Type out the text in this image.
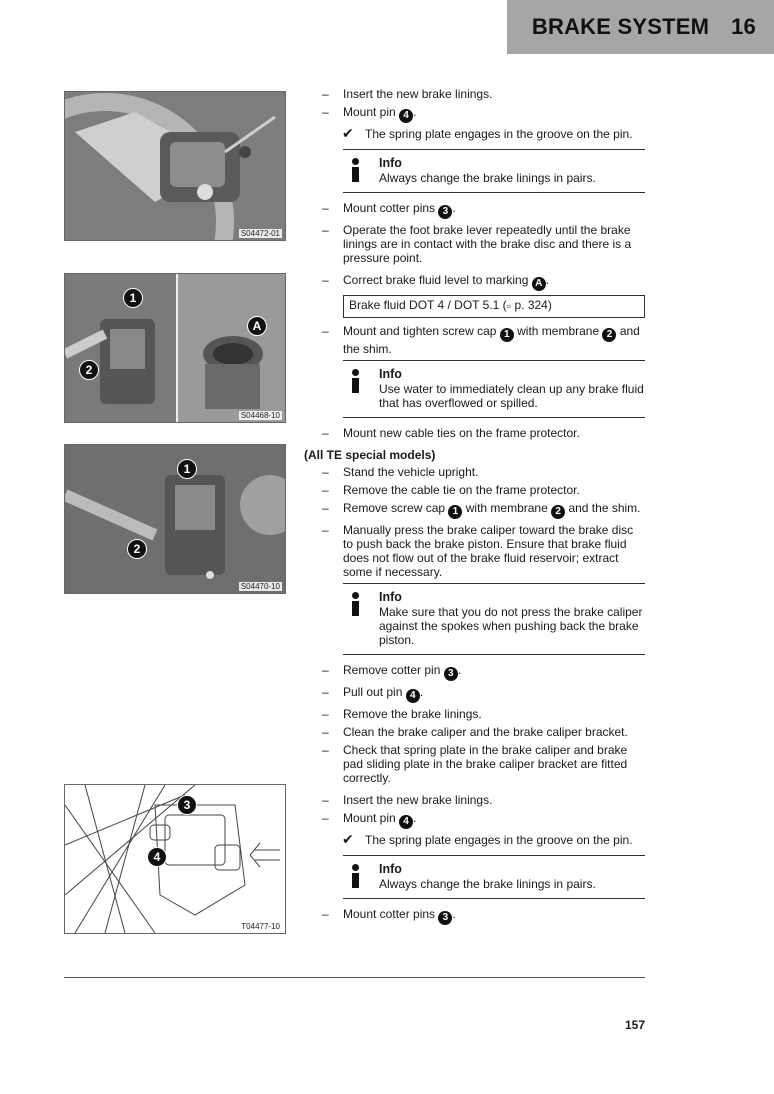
BRAKE SYSTEM 16
S04472-01
1
2
A
S04468-10
1
2
S04470-10
3
4
T04477-10
– Insert the new brake linings.
– Mount pin 4 .
✔ The spring plate engages in the groove on the pin.
Info
Always change the brake linings in pairs.
– Mount cotter pins 3 .
– Operate the foot brake lever repeatedly until the brake linings are in contact with the brake disc and there is a pressure point.
– Correct brake fluid level to marking A .
Brake fluid DOT 4 / DOT 5.1 (⌗ p. 324)
– Mount and tighten screw cap 1 with membrane 2 and the shim.
Info
Use water to immediately clean up any brake fluid that has overflowed or spilled.
– Mount new cable ties on the frame protector.
(All TE special models)
– Stand the vehicle upright.
– Remove the cable tie on the frame protector.
– Remove screw cap 1 with membrane 2 and the shim.
– Manually press the brake caliper toward the brake disc to push back the brake piston. Ensure that brake fluid does not flow out of the brake fluid reservoir; extract some if necessary.
Info
Make sure that you do not press the brake caliper against the spokes when pushing back the brake piston.
– Remove cotter pin 3 .
– Pull out pin 4 .
– Remove the brake linings.
– Clean the brake caliper and the brake caliper bracket.
– Check that spring plate in the brake caliper and brake pad sliding plate in the brake caliper bracket are fitted correctly.
– Insert the new brake linings.
– Mount pin 4 .
✔ The spring plate engages in the groove on the pin.
Info
Always change the brake linings in pairs.
– Mount cotter pins 3 .
157
